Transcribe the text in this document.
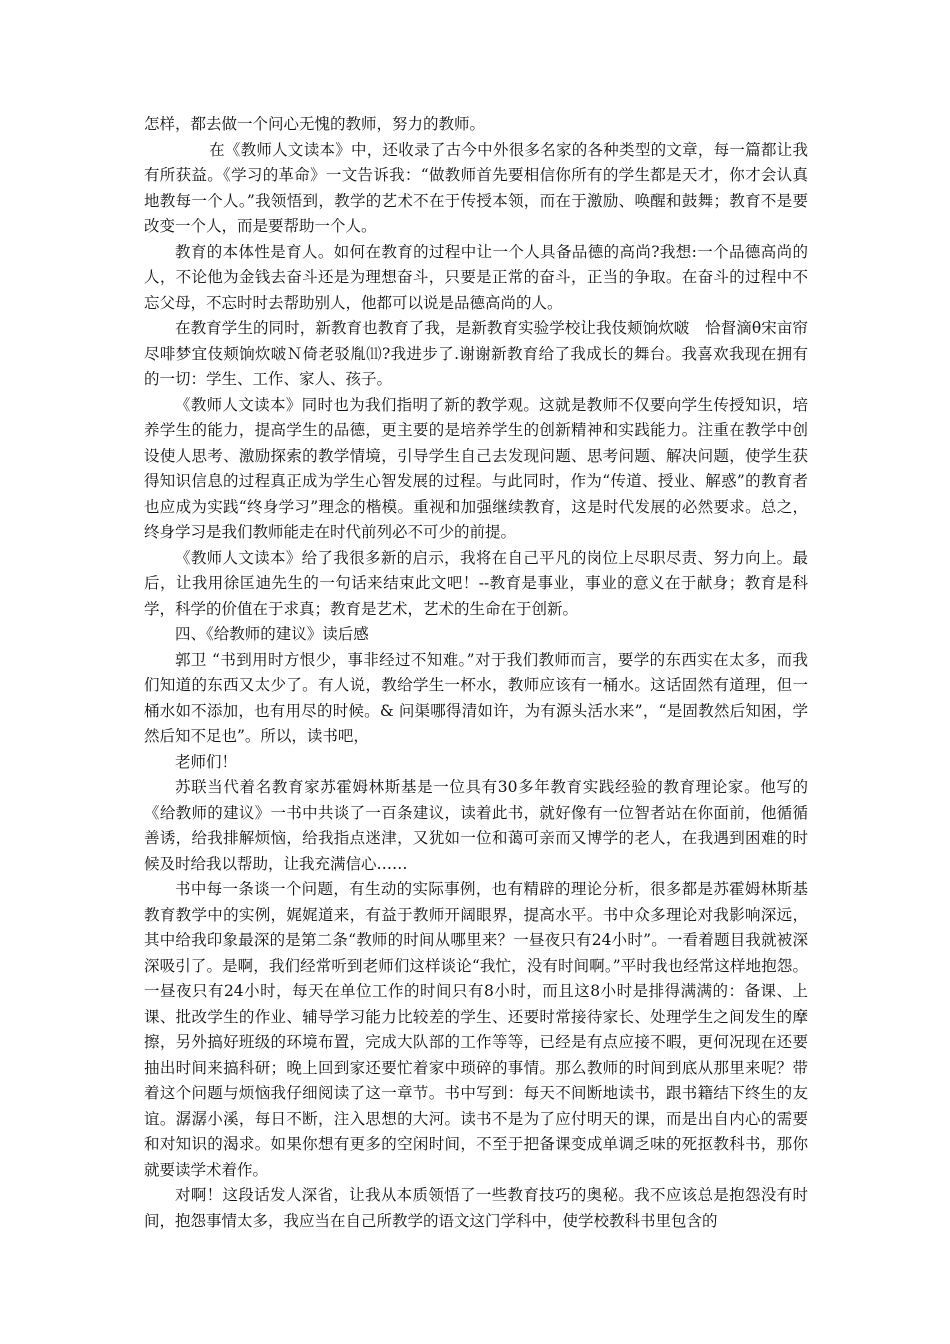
怎样，都去做一个问心无愧的教师，努力的教师。

在《教师人文读本》中，还收录了古今中外很多名家的各种类型的文章，每一篇都让我有所获益。《学习的革命》一文告诉我：“做教师首先要相信你所有的学生都是天才，你才会认真地教每一个人。”我领悟到，教学的艺术不在于传授本领，而在于激励、唤醒和鼓舞；教育不是要改变一个人，而是要帮助一个人。

教育的本体性是育人。如何在教育的过程中让一个人具备品德的高尚?我想:一个品德高尚的人，不论他为金钱去奋斗还是为理想奋斗，只要是正常的奋斗，正当的争取。在奋斗的过程中不忘父母，不忘时时去帮助别人，他都可以说是品德高尚的人。

在教育学生的同时，新教育也教育了我，是新教育实验学校让我伎颊饷炊啵　恰督滴θ宋亩帘尽啡梦宜伎颊饷炊啵Ｎ倚老驳胤⑾?我进步了.谢谢新教育给了我成长的舞台。我喜欢我现在拥有的一切：学生、工作、家人、孩子。

《教师人文读本》同时也为我们指明了新的教学观。这就是教师不仅要向学生传授知识，培养学生的能力，提高学生的品德，更主要的是培养学生的创新精神和实践能力。注重在教学中创设使人思考、激励探索的教学情境，引导学生自己去发现问题、思考问题、解决问题，使学生获得知识信息的过程真正成为学生心智发展的过程。与此同时，作为“传道、授业、解惑”的教育者也应成为实践“终身学习”理念的楷模。重视和加强继续教育，这是时代发展的必然要求。总之，终身学习是我们教师能走在时代前列必不可少的前提。

《教师人文读本》给了我很多新的启示，我将在自己平凡的岗位上尽职尽责、努力向上。最后，让我用徐匡迪先生的一句话来结束此文吧！--教育是事业，事业的意义在于献身；教育是科学，科学的价值在于求真；教育是艺术，艺术的生命在于创新。

四、《给教师的建议》读后感

郭卫 “书到用时方恨少，事非经过不知难。”对于我们教师而言，要学的东西实在太多，而我们知道的东西又太少了。有人说，教给学生一杯水，教师应该有一桶水。这话固然有道理，但一桶水如不添加，也有用尽的时候。& 问渠哪得清如许，为有源头活水来”，“是固教然后知困，学然后知不足也”。所以，读书吧，

老师们！

苏联当代着名教育家苏霍姆林斯基是一位具有30多年教育实践经验的教育理论家。他写的《给教师的建议》一书中共谈了一百条建议，读着此书，就好像有一位智者站在你面前，他循循善诱，给我排解烦恼，给我指点迷津，又犹如一位和蔼可亲而又博学的老人，在我遇到困难的时候及时给我以帮助，让我充满信心……

书中每一条谈一个问题，有生动的实际事例，也有精辟的理论分析，很多都是苏霍姆林斯基教育教学中的实例，娓娓道来，有益于教师开阔眼界，提高水平。书中众多理论对我影响深远，其中给我印象最深的是第二条“教师的时间从哪里来？一昼夜只有24小时”。一看着题目我就被深深吸引了。是啊，我们经常听到老师们这样谈论“我忙，没有时间啊。”平时我也经常这样地抱怨。一昼夜只有24小时，每天在单位工作的时间只有8小时，而且这8小时是排得满满的：备课、上课、批改学生的作业、辅导学习能力比较差的学生、还要时常接待家长、处理学生之间发生的摩擦，另外搞好班级的环境布置，完成大队部的工作等等，已经是有点应接不暇，更何况现在还要抽出时间来搞科研；晚上回到家还要忙着家中琐碎的事情。那么教师的时间到底从那里来呢？带着这个问题与烦恼我仔细阅读了这一章节。书中写到：每天不间断地读书，跟书籍结下终生的友谊。潺潺小溪，每日不断，注入思想的大河。读书不是为了应付明天的课，而是出自内心的需要和对知识的渴求。如果你想有更多的空闲时间，不至于把备课变成单调乏味的死抠教科书，那你就要读学术着作。

对啊！这段话发人深省，让我从本质领悟了一些教育技巧的奥秘。我不应该总是抱怨没有时间，抱怨事情太多，我应当在自己所教学的语文这门学科中，使学校教科书里包含的
